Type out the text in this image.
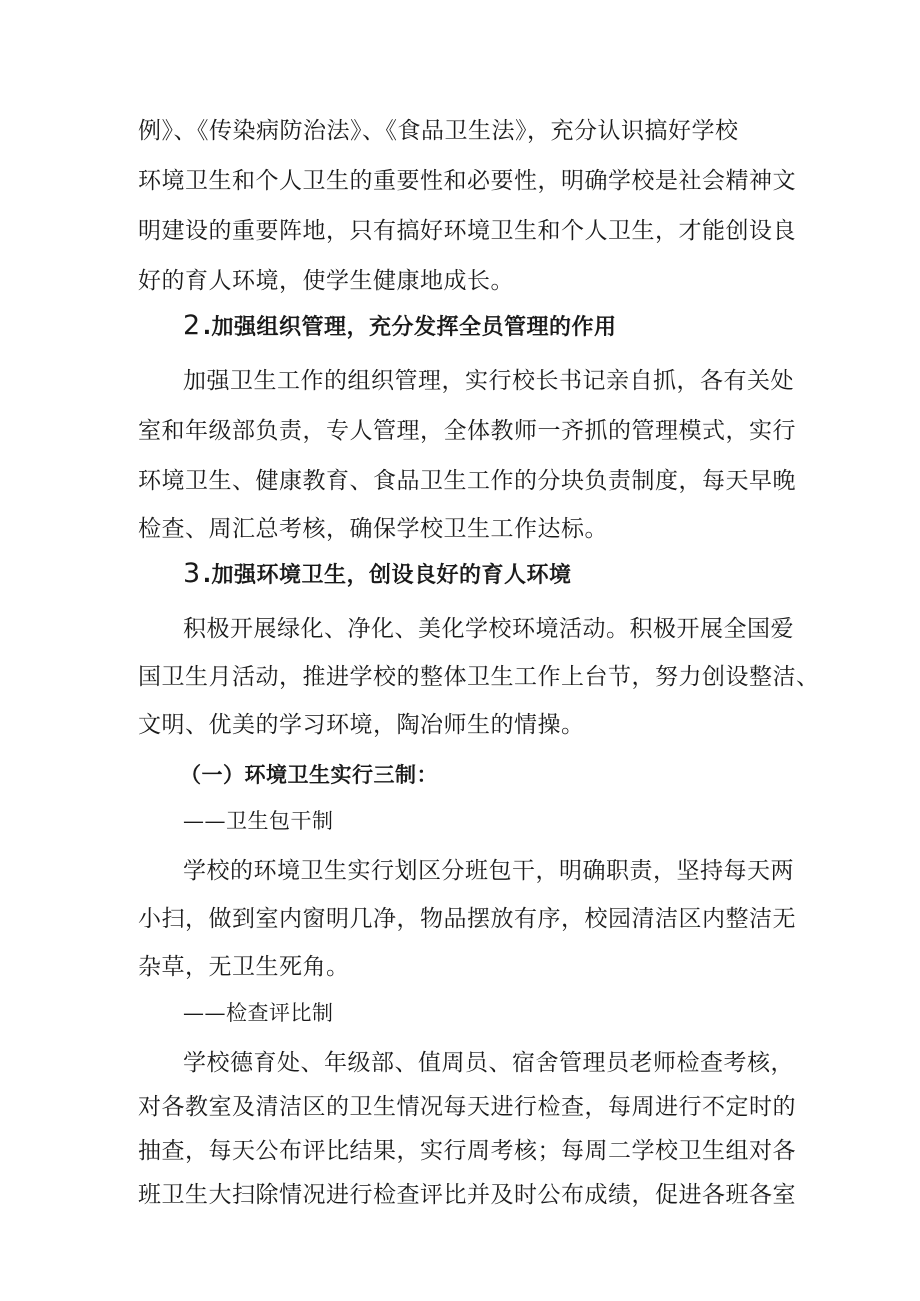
例》、《传染病防治法》、《食品卫生法》，充分认识搞好学校
环境卫生和个人卫生的重要性和必要性，明确学校是社会精神文
明建设的重要阵地，只有搞好环境卫生和个人卫生，才能创设良
好的育人环境，使学生健康地成长。
2.加强组织管理，充分发挥全员管理的作用
加强卫生工作的组织管理，实行校长书记亲自抓，各有关处
室和年级部负责，专人管理，全体教师一齐抓的管理模式，实行
环境卫生、健康教育、食品卫生工作的分块负责制度，每天早晚
检查、周汇总考核，确保学校卫生工作达标。
3.加强环境卫生，创设良好的育人环境
积极开展绿化、净化、美化学校环境活动。积极开展全国爱
国卫生月活动，推进学校的整体卫生工作上台节，努力创设整洁、
文明、优美的学习环境，陶冶师生的情操。
（一）环境卫生实行三制：
——卫生包干制
学校的环境卫生实行划区分班包干，明确职责，坚持每天两
小扫，做到室内窗明几净，物品摆放有序，校园清洁区内整洁无
杂草，无卫生死角。
——检查评比制
学校德育处、年级部、值周员、宿舍管理员老师检查考核，
对各教室及清洁区的卫生情况每天进行检查，每周进行不定时的
抽查，每天公布评比结果，实行周考核；每周二学校卫生组对各
班卫生大扫除情况进行检查评比并及时公布成绩，促进各班各室
